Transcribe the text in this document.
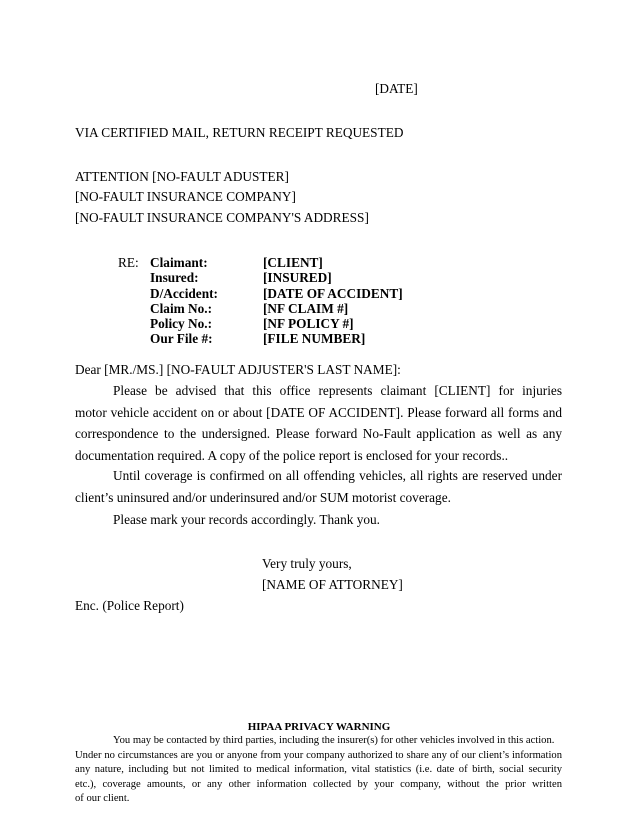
[DATE]
VIA CERTIFIED MAIL, RETURN RECEIPT REQUESTED
ATTENTION [NO-FAULT ADUSTER]
[NO-FAULT INSURANCE COMPANY]
[NO-FAULT INSURANCE COMPANY'S ADDRESS]
RE: Claimant:	[CLIENT]
Insured:	[INSURED]
D/Accident:	[DATE OF ACCIDENT]
Claim No.:	[NF CLAIM #]
Policy No.:	[NF POLICY #]
Our File #:	[FILE NUMBER]
Dear [MR./MS.] [NO-FAULT ADJUSTER'S LAST NAME]:
Please be advised that this office represents claimant [CLIENT] for injuries
motor vehicle accident on or about [DATE OF ACCIDENT]. Please forward all forms and
correspondence to the undersigned. Please forward No-Fault application as well as any
documentation required. A copy of the police report is enclosed for your records..
Until coverage is confirmed on all offending vehicles, all rights are reserved under
client’s uninsured and/or underinsured and/or SUM motorist coverage.
Please mark your records accordingly. Thank you.
Very truly yours,
[NAME OF ATTORNEY]
Enc. (Police Report)
HIPAA PRIVACY WARNING
You may be contacted by third parties, including the insurer(s) for other vehicles involved in this action.
Under no circumstances are you or anyone from your company authorized to share any of our client’s information
any nature, including but not limited to medical information, vital statistics (i.e. date of birth, social security
etc.), coverage amounts, or any other information collected by your company, without the prior written
of our client.
